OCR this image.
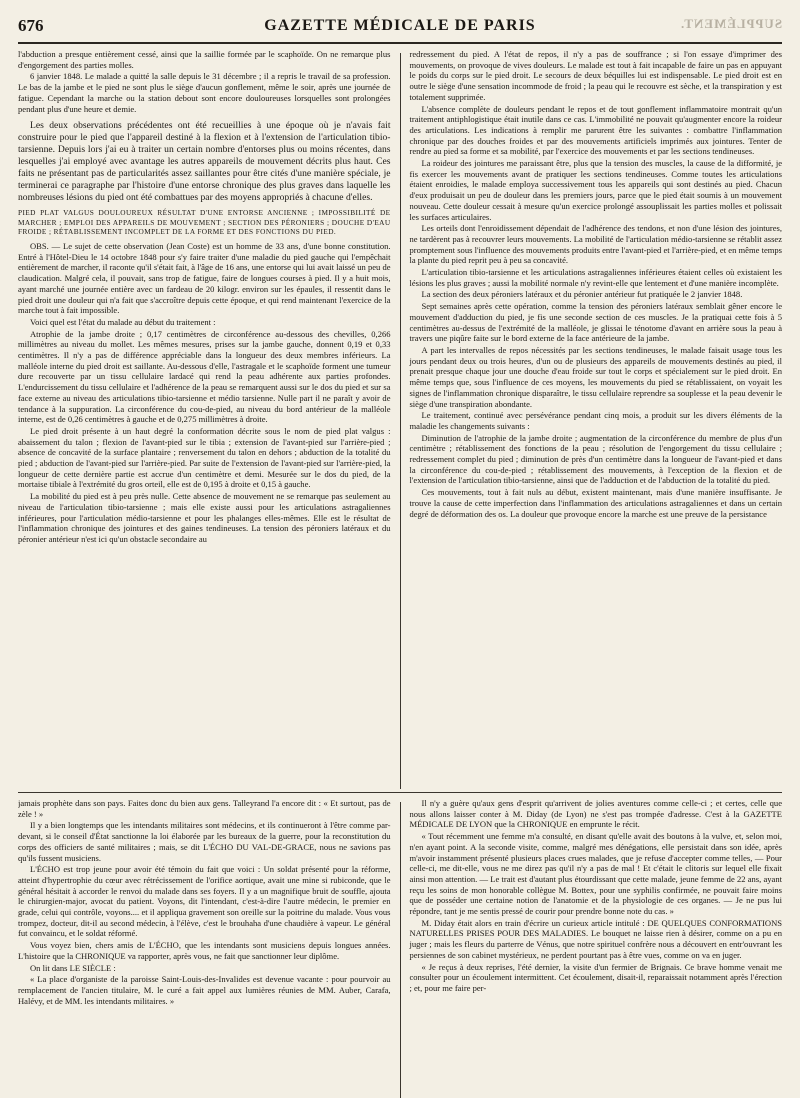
676	GAZETTE MÉDICALE DE PARIS	SUPPLÉMENT.

l'abduction a presque entièrement cessé, ainsi que la saillie formée par le scaphoïde. On ne remarque plus d'engorgement des parties molles.

6 janvier 1848. Le malade a quitté la salle depuis le 31 décembre ; il a repris le travail de sa profession. Le bas de la jambe et le pied ne sont plus le siège d'aucun gonflement, même le soir, après une journée de fatigue. Cependant la marche ou la station debout sont encore douloureuses lorsquelles sont prolongées pendant plus d'une heure et demie.

Les deux observations précédentes ont été recueillies à une époque où je n'avais fait construire pour le pied que l'appareil destiné à la flexion et à l'extension de l'articulation tibio-tarsienne. Depuis lors j'ai eu à traiter un certain nombre d'entorses plus ou moins récentes, dans lesquelles j'ai employé avec avantage les autres appareils de mouvement décrits plus haut. Ces faits ne présentant pas de particularités assez saillantes pour être cités d'une manière spéciale, je terminerai ce paragraphe par l'histoire d'une entorse chronique des plus graves dans laquelle les nombreuses lésions du pied ont été combattues par des moyens appropriés à chacune d'elles.

PIED PLAT VALGUS DOULOUREUX RÉSULTAT D'UNE ENTORSE ANCIENNE ; IMPOSSIBILITÉ DE MARCHER ; EMPLOI DES APPAREILS DE MOUVEMENT ; SECTION DES PÉRONIERS ; DOUCHE D'EAU FROIDE ; RÉTABLISSEMENT INCOMPLET DE LA FORME ET DES FONCTIONS DU PIED.

OBS. — Le sujet de cette observation (Jean Coste) est un homme de 33 ans, d'une bonne constitution. Entré à l'Hôtel-Dieu le 14 octobre 1848 pour s'y faire traiter d'une maladie du pied gauche qui l'empêchait entièrement de marcher, il raconte qu'il s'était fait, à l'âge de 16 ans, une entorse qui lui avait laissé un peu de claudication. Malgré cela, il pouvait, sans trop de fatigue, faire de longues courses à pied. Il y a huit mois, ayant marché une journée entière avec un fardeau de 20 kilogr. environ sur les épaules, il ressentit dans le pied droit une douleur qui n'a fait que s'accroître depuis cette époque, et qui rend maintenant l'exercice de la marche tout à fait impossible.

Voici quel est l'état du malade au début du traitement :

Atrophie de la jambe droite ; 0,17 centimètres de circonférence au-dessous des chevilles, 0,266 millimètres au niveau du mollet. Les mêmes mesures, prises sur la jambe gauche, donnent 0,19 et 0,33 centimètres. Il n'y a pas de différence appréciable dans la longueur des deux membres inférieurs. La malléole interne du pied droit est saillante. Au-dessous d'elle, l'astragale et le scaphoïde forment une tumeur dure recouverte par un tissu cellulaire lardacé qui rend la peau adhérente aux parties profondes. L'endurcissement du tissu cellulaire et l'adhérence de la peau se remarquent aussi sur le dos du pied et sur sa face externe au niveau des articulations tibio-tarsienne et médio tarsienne. Nulle part il ne paraît y avoir de tendance à la suppuration. La circonférence du cou-de-pied, au niveau du bord antérieur de la malléole interne, est de 0,26 centimètres à gauche et de 0,275 millimètres à droite.

Le pied droit présente à un haut degré la conformation décrite sous le nom de pied plat valgus : abaissement du talon ; flexion de l'avant-pied sur le tibia ; extension de l'avant-pied sur l'arrière-pied ; absence de concavité de la surface plantaire ; renversement du talon en dehors ; abduction de la totalité du pied ; abduction de l'avant-pied sur l'arrière-pied. Par suite de l'extension de l'avant-pied sur l'arrière-pied, la longueur de cette dernière partie est accrue d'un centimètre et demi. Mesurée sur le dos du pied, de la mortaise tibiale à l'extrémité du gros orteil, elle est de 0,195 à droite et 0,15 à gauche.

La mobilité du pied est à peu près nulle. Cette absence de mouvement ne se remarque pas seulement au niveau de l'articulation tibio-tarsienne ; mais elle existe aussi pour les articulations astragaliennes inférieures, pour l'articulation médio-tarsienne et pour les phalanges elles-mêmes. Elle est le résultat de l'inflammation chronique des jointures et des gaines tendineuses. La tension des péroniers latéraux et du péronier antérieur n'est ici qu'un obstacle secondaire au

redressement du pied. A l'état de repos, il n'y a pas de souffrance ; si l'on essaye d'imprimer des mouvements, on provoque de vives douleurs. Le malade est tout à fait incapable de faire un pas en appuyant le poids du corps sur le pied droit. Le secours de deux béquilles lui est indispensable. Le pied droit est en outre le siège d'une sensation incommode de froid ; la peau qui le recouvre est sèche, et la transpiration y est totalement supprimée.

L'absence complète de douleurs pendant le repos et de tout gonflement inflammatoire montrait qu'un traitement antiphlogistique était inutile dans ce cas. L'immobilité ne pouvait qu'augmenter encore la roideur des articulations. Les indications à remplir me parurent être les suivantes : combattre l'inflammation chronique par des douches froides et par des mouvements artificiels imprimés aux jointures. Tenter de rendre au pied sa forme et sa mobilité, par l'exercice des mouvements et par les sections tendineuses.

La roideur des jointures me paraissant être, plus que la tension des muscles, la cause de la difformité, je fis exercer les mouvements avant de pratiquer les sections tendineuses. Comme toutes les articulations étaient enroidies, le malade employa successivement tous les appareils qui sont destinés au pied. Chacun d'eux produisait un peu de douleur dans les premiers jours, parce que le pied était soumis à un mouvement nouveau. Cette douleur cessait à mesure qu'un exercice prolongé assouplissait les parties molles et polissait les surfaces articulaires.

Les orteils dont l'enroidissement dépendait de l'adhérence des tendons, et non d'une lésion des jointures, ne tardèrent pas à recouvrer leurs mouvements. La mobilité de l'articulation médio-tarsienne se rétablit assez promptement sous l'influence des mouvements produits entre l'avant-pied et l'arrière-pied, et en même temps la plante du pied reprit peu à peu sa concavité.

L'articulation tibio-tarsienne et les articulations astragaliennes inférieures étaient celles où existaient les lésions les plus graves ; aussi la mobilité normale n'y revint-elle que lentement et d'une manière incomplète.

La section des deux péroniers latéraux et du péronier antérieur fut pratiquée le 2 janvier 1848.

Sept semaines après cette opération, comme la tension des péroniers latéraux semblait gêner encore le mouvement d'adduction du pied, je fis une seconde section de ces muscles. Je la pratiquai cette fois à 5 centimètres au-dessus de l'extrémité de la malléole, je glissai le ténotome d'avant en arrière sous la peau à travers une piqûre faite sur le bord externe de la face antérieure de la jambe.

A part les intervalles de repos nécessités par les sections tendineuses, le malade faisait usage tous les jours pendant deux ou trois heures, d'un ou de plusieurs des appareils de mouvements destinés au pied, il prenait presque chaque jour une douche d'eau froide sur tout le corps et spécialement sur le pied droit. En même temps que, sous l'influence de ces moyens, les mouvements du pied se rétablissaient, on voyait les signes de l'inflammation chronique disparaître, le tissu cellulaire reprendre sa souplesse et la peau devenir le siège d'une transpiration abondante.

Le traitement, continué avec persévérance pendant cinq mois, a produit sur les divers éléments de la maladie les changements suivants :

Diminution de l'atrophie de la jambe droite ; augmentation de la circonférence du membre de plus d'un centimètre ; rétablissement des fonctions de la peau ; résolution de l'engorgement du tissu cellulaire ; redressement complet du pied ; diminution de près d'un centimètre dans la longueur de l'avant-pied et dans la circonférence du cou-de-pied ; rétablissement des mouvements, à l'exception de la flexion et de l'extension de l'articulation tibio-tarsienne, ainsi que de l'adduction et de l'abduction de la totalité du pied.

Ces mouvements, tout à fait nuls au début, existent maintenant, mais d'une manière insuffisante. Je trouve la cause de cette imperfection dans l'inflammation des articulations astragaliennes et dans un certain degré de déformation des os. La douleur que provoque encore la marche est une preuve de la persistance

jamais prophète dans son pays. Faites donc du bien aux gens. Talleyrand l'a encore dit : « Et surtout, pas de zèle ! »

Il y a bien longtemps que les intendants militaires sont médecins, et ils continueront à l'être comme par-devant, si le conseil d'État sanctionne la loi élaborée par les bureaux de la guerre, pour la reconstitution du corps des officiers de santé militaires ; mais, se dit L'ÉCHO DU VAL-DE-GRACE, nous ne savions pas qu'ils fussent musiciens.

L'ÉCHO est trop jeune pour avoir été témoin du fait que voici : Un soldat présenté pour la réforme, atteint d'hypertrophie du cœur avec rétrécissement de l'orifice aortique, avait une mine si rubiconde, que le général hésitait à accorder le renvoi du malade dans ses foyers. Il y a un magnifique bruit de souffle, ajouta le chirurgien-major, avocat du patient. Voyons, dit l'intendant, c'est-à-dire l'autre médecin, le premier en grade, celui qui contrôle, voyons.... et il appliqua gravement son oreille sur la poitrine du malade. Vous vous trompez, docteur, dit-il au second médecin, à l'élève, c'est le brouhaha d'une chaudière à vapeur. Le général fut convaincu, et le soldat réformé.

Vous voyez bien, chers amis de L'ÉCHO, que les intendants sont musiciens depuis longues années. L'histoire que la CHRONIQUE va rapporter, après vous, ne fait que sanctionner leur diplôme.

On lit dans LE SIÈCLE :

« La place d'organiste de la paroisse Saint-Louis-des-Invalides est devenue vacante : pour pourvoir au remplacement de l'ancien titulaire, M. le curé a fait appel aux lumières réunies de MM. Auber, Carafa, Halévy, et de MM. les intendants militaires. »

Il n'y a guère qu'aux gens d'esprit qu'arrivent de jolies aventures comme celle-ci ; et certes, celle que nous allons laisser conter à M. Diday (de Lyon) ne s'est pas trompée d'adresse. C'est à la GAZETTE MÉDICALE DE LYON que la CHRONIQUE en emprunte le récit.

« Tout récemment une femme m'a consulté, en disant qu'elle avait des boutons à la vulve, et, selon moi, n'en ayant point. A la seconde visite, comme, malgré mes dénégations, elle persistait dans son idée, après m'avoir instamment présenté plusieurs places crues malades, que je refuse d'accepter comme telles, — Pour celle-ci, me dit-elle, vous ne me direz pas qu'il n'y a pas de mal ! Et c'était le clitoris sur lequel elle fixait ainsi mon attention. — Le trait est d'autant plus étourdissant que cette malade, jeune femme de 22 ans, ayant reçu les soins de mon honorable collègue M. Bottex, pour une syphilis confirmée, ne pouvait faire moins que de posséder une certaine notion de l'anatomie et de la physiologie de ces organes. — Je ne pus lui répondre, tant je me sentis pressé de courir pour prendre bonne note du cas. »

M. Diday était alors en train d'écrire un curieux article intitulé : DE QUELQUES CONFORMATIONS NATURELLES PRISES POUR DES MALADIES. Le bouquet ne laisse rien à désirer, comme on a pu en juger ; mais les fleurs du parterre de Vénus, que notre spirituel confrère nous a découvert en entr'ouvrant les persiennes de son cabinet mystérieux, ne perdent pourtant pas à être vues, comme on va en juger.

« Je reçus à deux reprises, l'été dernier, la visite d'un fermier de Brignais. Ce brave homme venait me consulter pour un écoulement intermittent. Cet écoulement, disait-il, reparaissait notamment après l'érection ; et, pour me faire per-
